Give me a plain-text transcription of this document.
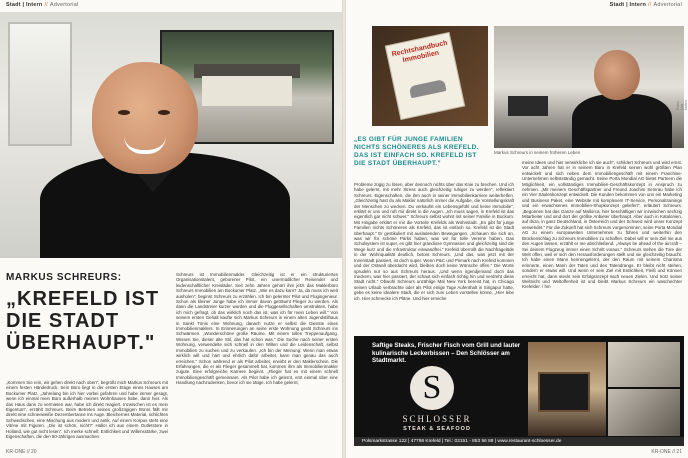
Stadt | Intern // Advertorial
MARKUS SCHREURS:
„KREFELD IST DIE STADT ÜBERHAUPT."
„Kommen Sie rein, wir gehen direkt nach oben", begrüßt mich Markus Schreurs mit einem festen Händedruck. Sein Büro liegt in der ersten Etage eines Hauses am Bockumer Platz. „Jahrelang bin ich hier vorbei gefahren und habe immer gesagt, wenn ich einmal mein Büro außerhalb meines Wohnhauses habe, dann hier. Als das Haus dann zu vermieten war, habe ich direkt reagiert. Inzwischen ist es mein Eigentum", erzählt Schreurs. Beim Betreten seines großzügigen Büros fällt mir direkt eine schneeweiße Dezembertanne ins Auge. Bleichernes Material, schlichtes Schwedisches, eine Mischung aus modern und antik. Auf einem Korpus steht eine Vitrine mit Figuren. „Die ist schön, nicht?" Hallo! ich aus einem Outletstore in Holland, wie gut nicht lesen". Ich merke schnell: Entlichkeit und Willensstärke, zwei Eigenschaften, die den 50-Jährigen ausmachen.
Schreurs ist Immobilienmakler. Gleichzeitig ist er ein strukturiertes Organisationstalent, geborener Pilot, ein unermüdlicher Reisender und leidenschaftlicher Kreisläder. Seit zehn Jahren gehört ihm jetzt das Maklerbüro Schreurs Immobilien am Bockumer Platz. „Wie es dazu kam? Ja, da muss ich weit ausholen", beginnt Schreurs zu erzählen. Ich bin gelernter Pilot und Flugingenieur. Schon als kleiner Junge habe ich immer davon geträumt Flieger zu werden. Als dann die Landstreier kurzer wurden und die Fluggesellschaften umstrukten, habe ich mich gefragt, ob das wirklich noch das ist, was ich für mein Leben will." Von seinem ersten Gehalt kaufte sich Markus Schreurs in einem alten Jugendstilhaus in Sankt Tönis eine Wohnung, danach nutze er selbst die Dienste eines Immobilienmaklers. In Erinnerungen an seine erste Wohnung gerät Schreurs ins Schwärmen. „Wunderschöne große Räume. Mit einem tollen Treppenaufgang. Wissen Sie, dieser alte Stil, das hat schon was." Die Suche nach seiner ersten Wohnung, verwendelte sich schnell in den Willen und die Leidenschaft, selbst Immobilien zu suchen und zu verkaufen. „Ich bin der Meinung: Wenn man etwas wirklich will und hart und ehrlich dafür arbeitet, kann man genau das auch erreichen." Schon während er als Pilot arbeitet, erwirbt er den Maklerschein. Die Erfahrungen, die er als Flieger gesammelt hat, kommen ihm als Immobilienmakler zugute. Eine erfolgreiche Karriere beginnt. „Flieger hat es mit einem schnell Immobiliengeschäft gemeinsam. Als Pilot habe ich gelernt, erst einmal über eine Handlung nachzudenken, bevor ich sie tätige. Ich habe gelernt,
KR-ONE // 20
Stadt | Intern // Advertorial
Rechtshandbuch Immobilien
Markus Schreurs in seinem früheren Leben
Fotos: Luis Nollen
„ES GIBT FÜR JUNGE FAMILIEN NICHTS SCHÖNERES ALS KREFELD. DAS IST EINFACH SO. KREFELD IST DIE STADT ÜBERHAUPT."
Probleme zügig zu lösen, aber dennoch nichts über das Knie zu brechen. Und ich habe gelernt, mit mehr Stress auch gleichzeitig ruhiger zu werden", reflektiert Schreurs. Eigenschaften, die ihm auch in seiner Immobilienkarriere weiterhelfen. „Gleichzeitig hast du als Makler natürlich immer die Aufgabe, die Vorstellungskraft der Menschen zu wecken. Du verkaufst ein Lebensgefühl und keine Immobilie", erklärt er uns und ruft mir direkt in die Augen. „Ich muss sagen, in Krefeld ist das eigentlich gar nicht schwer." Schreurs selbst wohnt mit seiner Familie in Bockum. Mit Hingabe erklärt er mir die Vorteile Krefelds als Wohnstadt. „Es gibt für junge Familien nichts Schöneres als Krefeld, das ist einfach so. Krefeld ist die Stadt überhaupt." Er gestikuliert mit ausladenden Bewegungen. „Schauen Sie sich an, was wir für schöne Parks haben, was wir für tolle Vereine haben. Das Schulsystem ist super, es gibt hier grandiose Gymnasien und gleichzeitig sind die Wege kurz und die Infrastruktur einwandfrei." Krefeld überrollt die Nachfrageläde in der Wohnqualität deutlich, betont Schreurs. „Und das, was jetzt mit der Innenstadt passiert, ist doch super. Wenn P&C und Primark nach Krefeld kommen und der Ostwall überdacht wird, bleiben doch keine Wünsche offen." Die Worte sprudeln nur so aus Schreurs heraus. „Und wenn irgendjemand doch das meckern, was hier passiert, der schaut sich einfach richtig hin und verdreht diese Stadt nicht." Obwohl Schreurs unzählige Mal New York bereist hat, in Chicago seinen Urlaub verbrachte oder als Pilot einige Tage Aufenthalt in Singapur hatte, gebe es keine idealere Stadt, die er sich zum Leben vorstellen könne. „Hier lebe ich. Hier schmecke ich Pläne. Und hier erreiche
meine Ideen und hier verwirkliche ich sie auch", schildert Schreurs und wird ernst. Vor acht Jahren hat er in seinem Büro in Krefeld seinen wohl größten Plan entwickelt und sich neben dem Immobiliengeschäft mit einem Franchise-Unternehmen selbstständig gemacht. Seine Porta Mondial AG bietet Partnern die Möglichkeit, ein vollständiges Immobilien-Geschäftskonzept in Anspruch zu nehmen. „Mit meinem Geschäftspartner und Freund Joachim Semrau habe ich ein Vier Säulenkonzept entwickelt. Die Kunden bekommen von uns ein Marketing und Business Paket, eine Website mit komplexem IT-Service, Personaltrainings und ein erwachsenes Immobilien-Shopkonzept geliefert", erläutert Schreurs. „Begonnen hat das Ganze auf Mallorca, hier beschäftigen wir inzwischen sechzig Mitarbeiter und sind dort der größte Anbieter überhaupt. Aber auch in Katalonien, auf Ibiza, in ganz Deutschland, in Österreich und der Schweiz wird unser Konzept verwendet." Für die Zukunft hat sich Schreurs vorgenommen, seine Porta Mondial AG zu einem europaweiten Unternehmen zu führen und weiterhin den Brückenschlag zu Schreurs Immobilien zu schaffen. Dabei will er sein Ziel nie aus den Augen lassen, erzählt er me abschließend. „Always be ahead of the aircraft – Sei deinem Flugzeug immer einen Schritt voraus." Schreurs stehen die Tore der Welt offen, weil er sich den Herausforderungen stellt und sie gleichzeitig braucht. Ich habe einen Mann kennengelernt, der den Raum mit seinem Charisma erinnerte, einen Mann der Taten und des Tatendrangs. Er bleibt nicht stehen, sondern er etwas will. Und wenn er sein Ziel mit Entlichkeit, Fleiß und Können erreicht hat, dann steckt sein Erfolgsrezept nach neuen Zielen. Und trotz seiner Weltsicht und Weltoffenheit ist und bleibt Markus Schreurs ein waschechter Krefelder. / hm
Saftige Steaks, Frischer Fisch vom Grill und lauter kulinarische Leckerbissen – Den Schlösser am Stadtmarkt.
S
SCHLOSSER
STEAK & SEAFOOD
Polsmarkstrasse 122 | 47798 Krefeld | Tel.: 02151 - 853 56 88 | www.restaurant-schloesser.de
KR-ONE // 21
